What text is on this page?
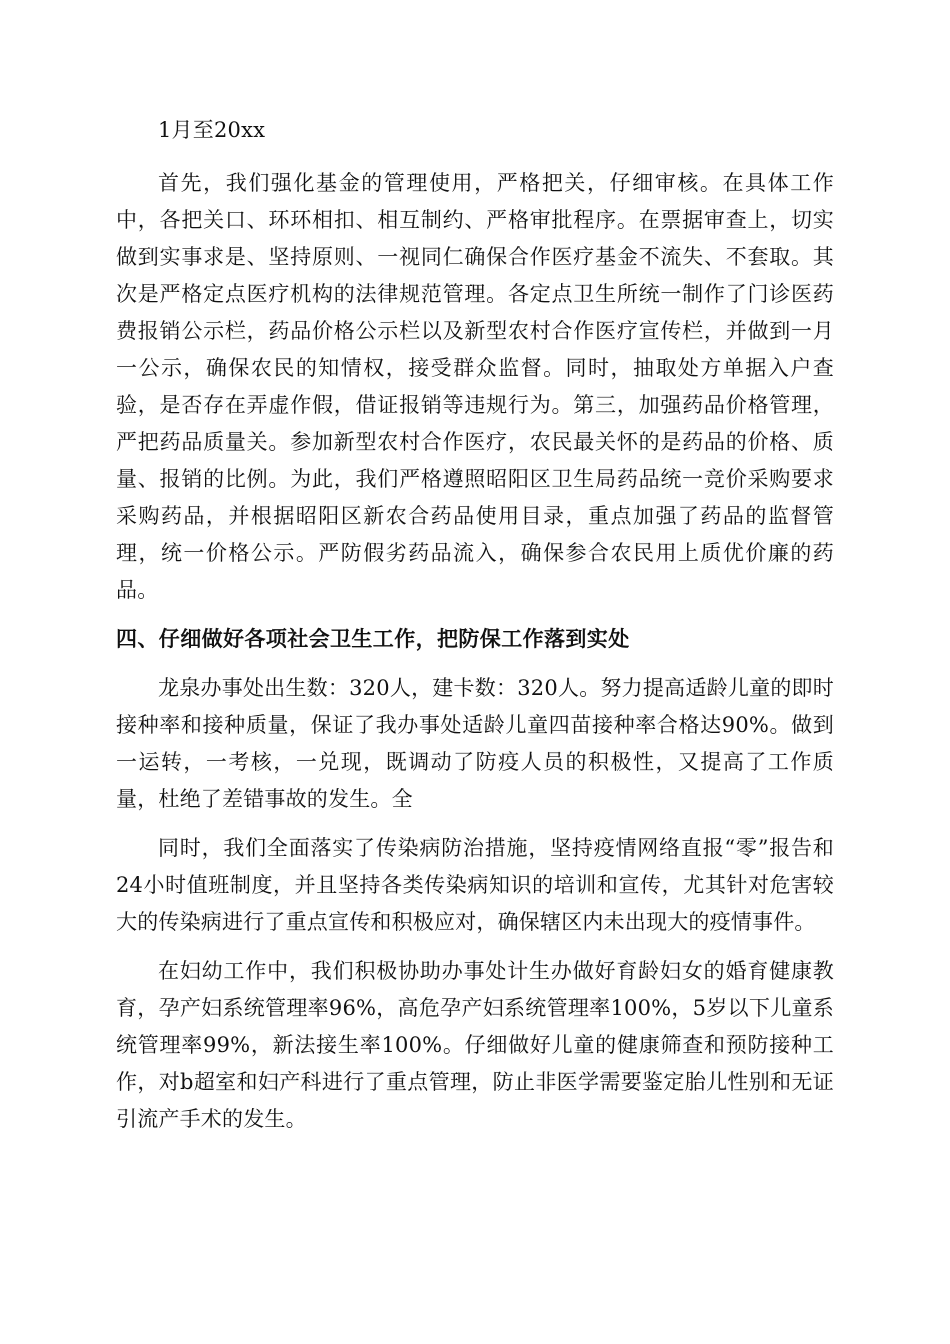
1月至20xx

首先，我们强化基金的管理使用，严格把关，仔细审核。在具体工作中，各把关口、环环相扣、相互制约、严格审批程序。在票据审查上，切实做到实事求是、坚持原则、一视同仁确保合作医疗基金不流失、不套取。其次是严格定点医疗机构的法律规范管理。各定点卫生所统一制作了门诊医药费报销公示栏，药品价格公示栏以及新型农村合作医疗宣传栏，并做到一月一公示，确保农民的知情权，接受群众监督。同时，抽取处方单据入户查验，是否存在弄虚作假，借证报销等违规行为。第三，加强药品价格管理，严把药品质量关。参加新型农村合作医疗，农民最关怀的是药品的价格、质量、报销的比例。为此，我们严格遵照昭阳区卫生局药品统一竞价采购要求采购药品，并根据昭阳区新农合药品使用目录，重点加强了药品的监督管理，统一价格公示。严防假劣药品流入，确保参合农民用上质优价廉的药品。

四、仔细做好各项社会卫生工作，把防保工作落到实处

龙泉办事处出生数：320人，建卡数：320人。努力提高适龄儿童的即时接种率和接种质量，保证了我办事处适龄儿童四苗接种率合格达90%。做到一运转，一考核，一兑现，既调动了防疫人员的积极性，又提高了工作质量，杜绝了差错事故的发生。全

同时，我们全面落实了传染病防治措施，坚持疫情网络直报“零”报告和24小时值班制度，并且坚持各类传染病知识的培训和宣传，尤其针对危害较大的传染病进行了重点宣传和积极应对，确保辖区内未出现大的疫情事件。

在妇幼工作中，我们积极协助办事处计生办做好育龄妇女的婚育健康教育，孕产妇系统管理率96%，高危孕产妇系统管理率100%，5岁以下儿童系统管理率99%，新法接生率100%。仔细做好儿童的健康筛查和预防接种工作，对b超室和妇产科进行了重点管理，防止非医学需要鉴定胎儿性别和无证引流产手术的发生。
